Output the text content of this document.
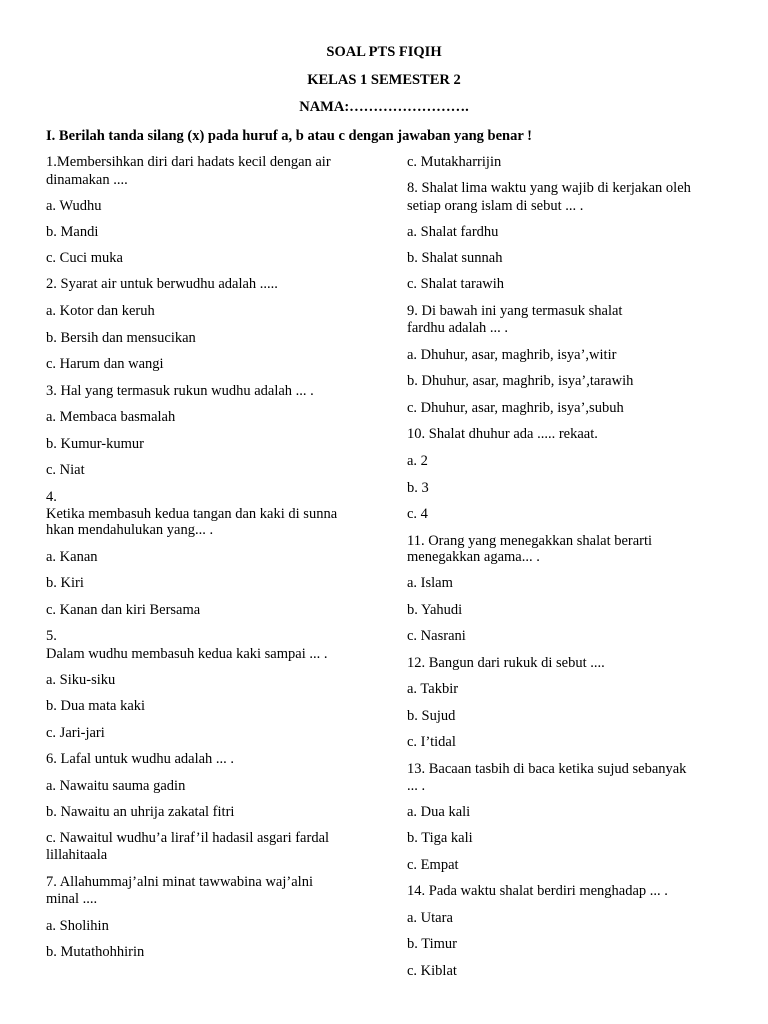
SOAL PTS FIQIH
KELAS 1 SEMESTER 2
NAMA:…………………….
I. Berilah tanda silang (x) pada huruf a, b atau c dengan jawaban yang benar !
1.Membersihkan diri dari hadats kecil dengan air
dinamakan ....
a. Wudhu
b. Mandi
c. Cuci muka
2. Syarat air untuk berwudhu adalah .....
a. Kotor dan keruh
b. Bersih dan mensucikan
c. Harum dan wangi
3. Hal yang termasuk rukun wudhu adalah ... .
a. Membaca basmalah
b. Kumur-kumur
c. Niat
4.
Ketika membasuh kedua tangan dan kaki di sunna
hkan mendahulukan yang... .
a. Kanan
b. Kiri
c. Kanan dan kiri Bersama
5.
Dalam wudhu membasuh kedua kaki sampai ... .
a. Siku-siku
b. Dua mata kaki
c. Jari-jari
6. Lafal untuk wudhu adalah ... .
a. Nawaitu sauma gadin
b. Nawaitu an uhrija zakatal fitri
c. Nawaitul wudhu’a liraf’il hadasil asgari fardal
lillahitaala
7. Allahummaj’alni minat tawwabina waj’alni
minal ....
a. Sholihin
b. Mutathohhirin
c. Mutakharrijin
8. Shalat lima waktu yang wajib di kerjakan oleh
setiap orang islam di sebut ... .
a. Shalat fardhu
b. Shalat sunnah
c. Shalat tarawih
9. Di bawah ini yang termasuk shalat
fardhu adalah ... .
a. Dhuhur, asar, maghrib, isya’,witir
b. Dhuhur, asar, maghrib, isya’,tarawih
c. Dhuhur, asar, maghrib, isya’,subuh
10. Shalat dhuhur ada ..... rekaat.
a. 2
b. 3
c. 4
11. Orang yang menegakkan shalat berarti
menegakkan agama... .
a. Islam
b. Yahudi
c. Nasrani
12. Bangun dari rukuk di sebut ....
a. Takbir
b. Sujud
c. I’tidal
13. Bacaan tasbih di baca ketika sujud sebanyak
... .
a. Dua kali
b. Tiga kali
c. Empat
14. Pada waktu shalat berdiri menghadap ... .
a. Utara
b. Timur
c. Kiblat
